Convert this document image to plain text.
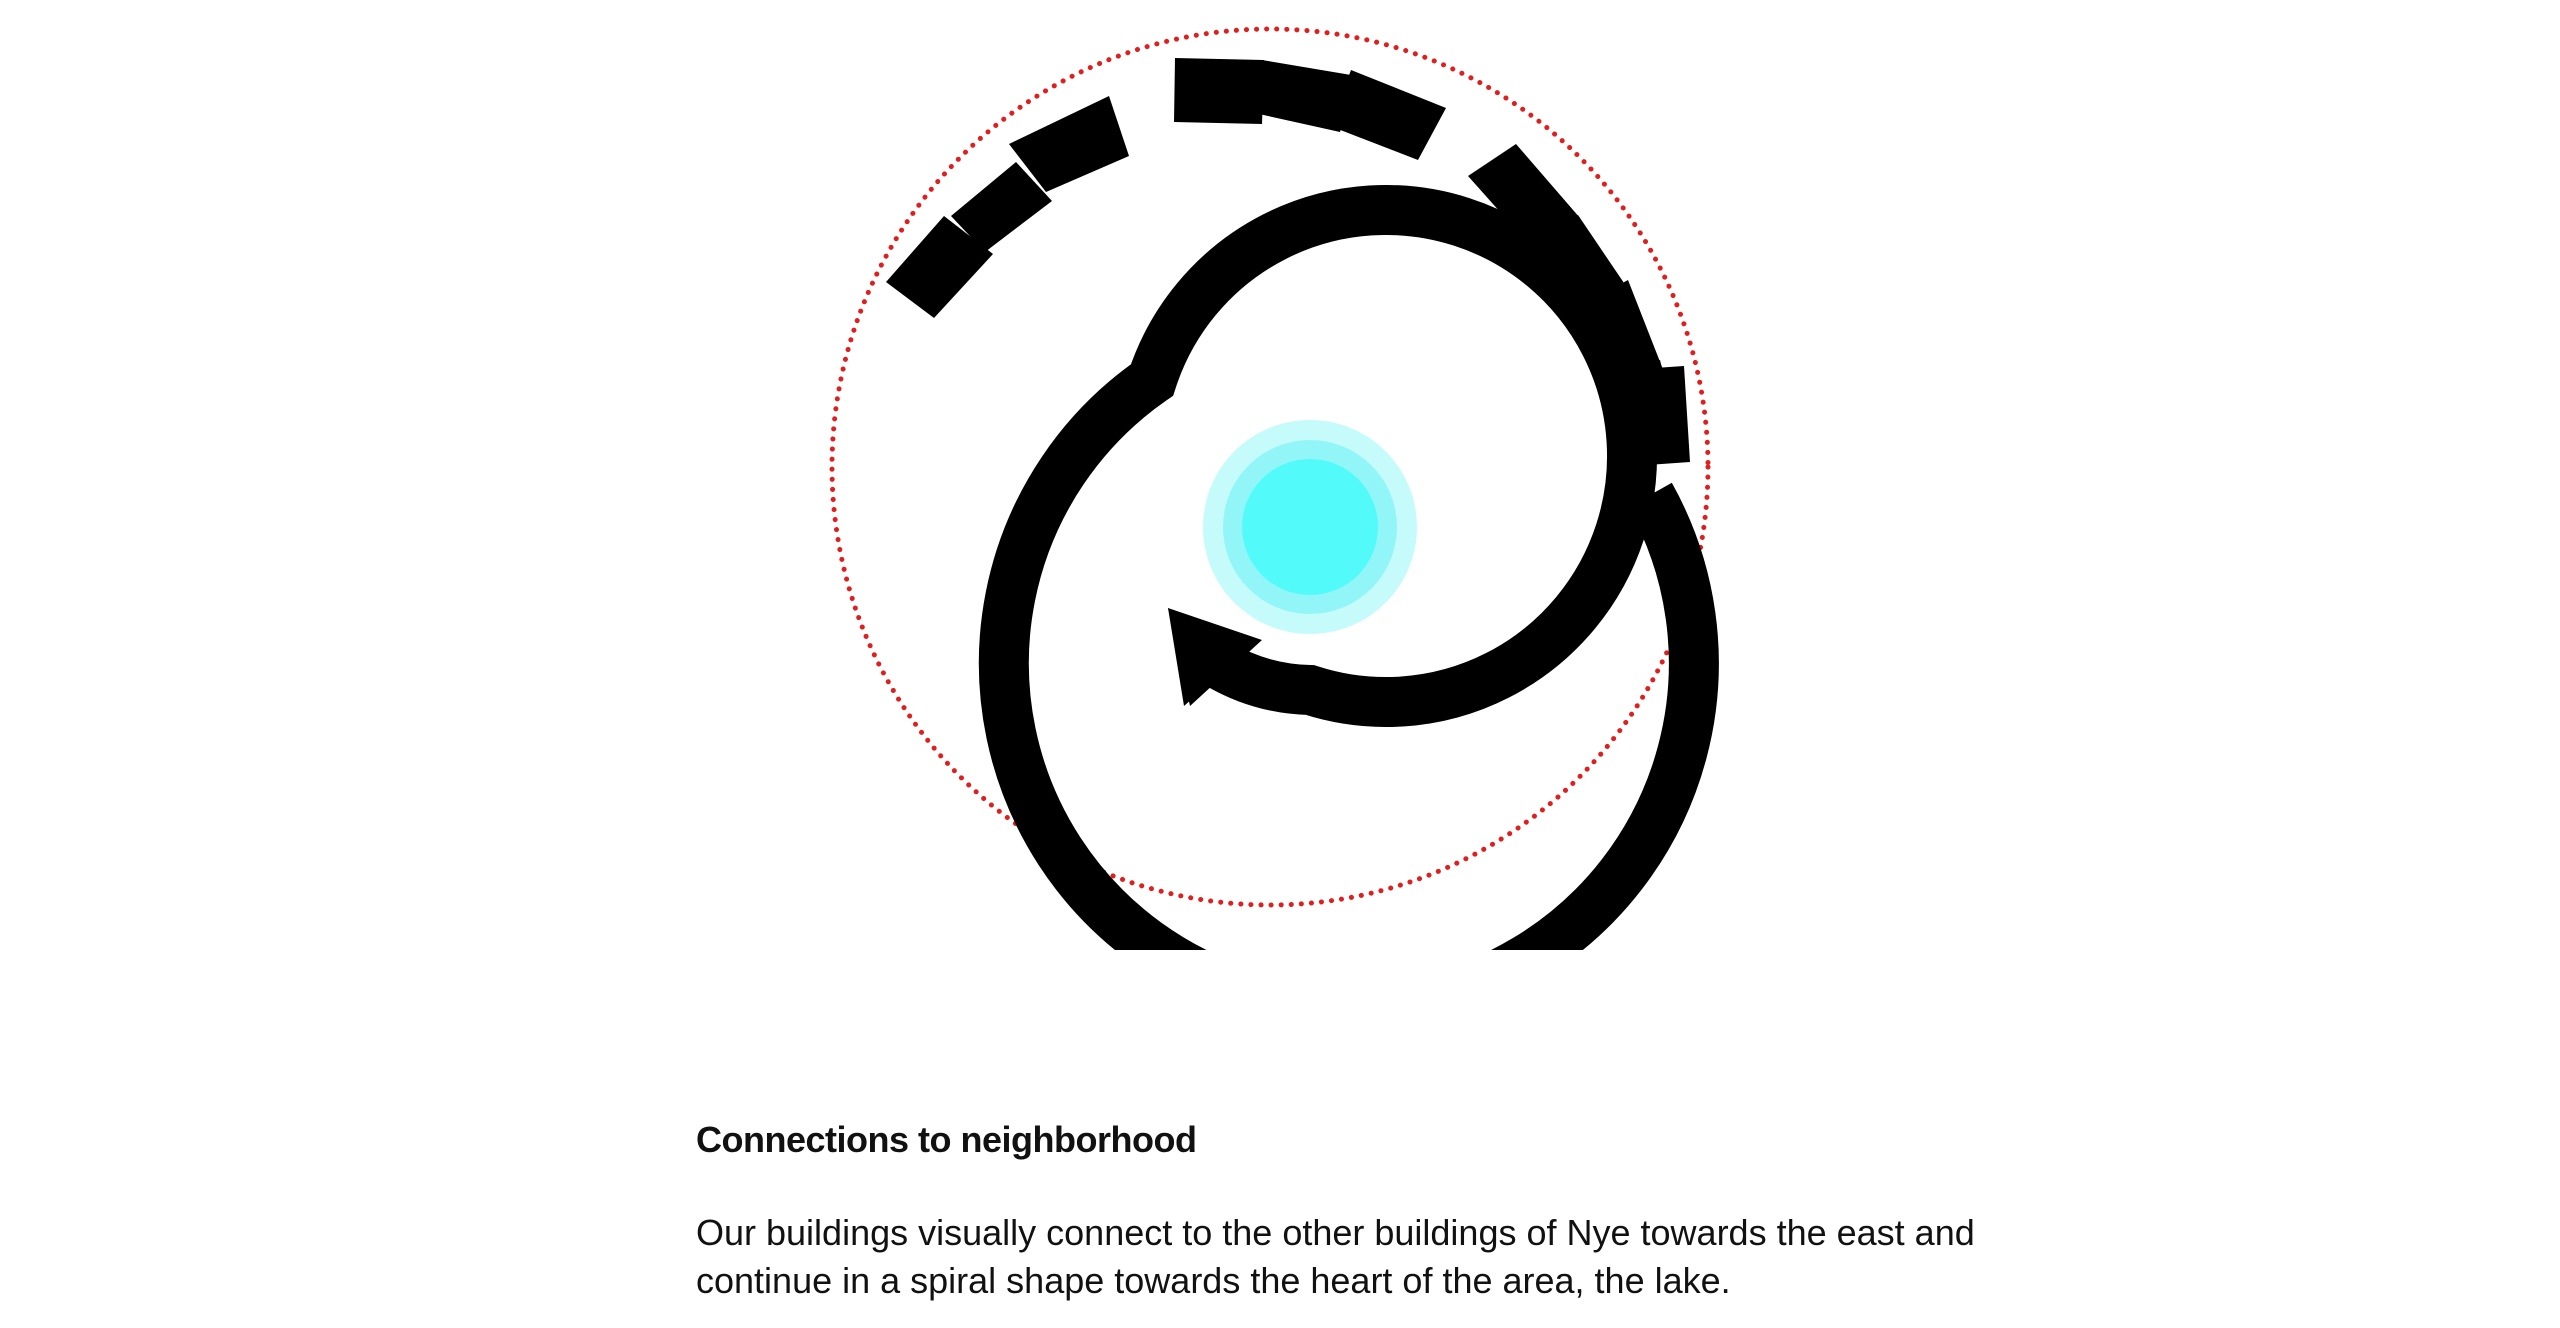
Connections to neighborhood

Our buildings visually connect to the other buildings of Nye towards the east and continue in a spiral shape towards the heart of the area, the lake.
